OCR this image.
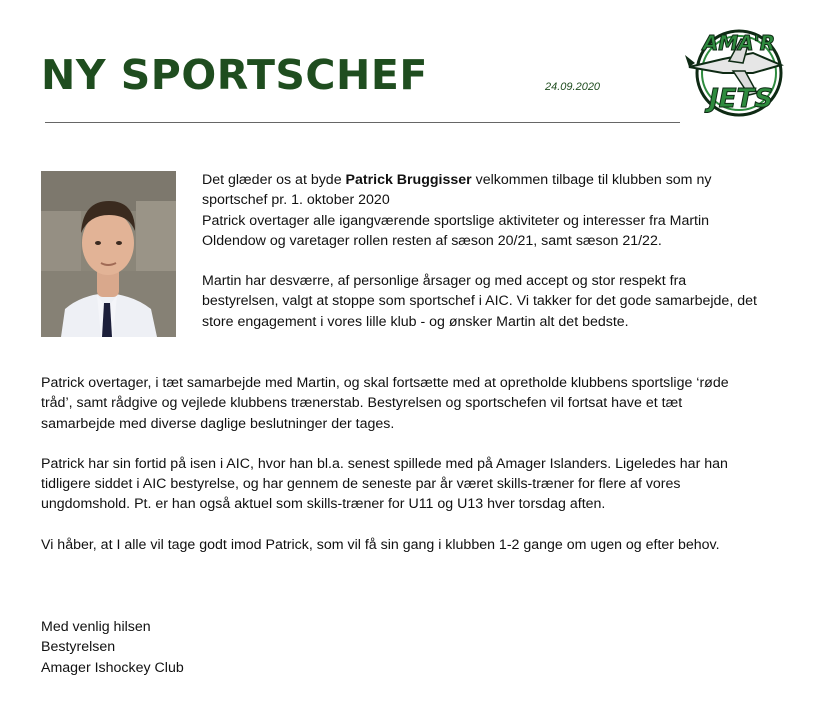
NY SPORTSCHEF	24.09.2020
AMA'R
JETS

Det glæder os at byde Patrick Bruggisser velkommen tilbage til klubben som ny
sportschef pr. 1. oktober 2020
Patrick overtager alle igangværende sportslige aktiviteter og interesser fra Martin
Oldendow og varetager rollen resten af sæson 20/21, samt sæson 21/22.

Martin har desværre, af personlige årsager og med accept og stor respekt fra
bestyrelsen, valgt at stoppe som sportschef i AIC. Vi takker for det gode samarbejde, det
store engagement i vores lille klub - og ønsker Martin alt det bedste.

Patrick overtager, i tæt samarbejde med Martin, og skal fortsætte med at opretholde klubbens sportslige ‘røde
tråd’, samt rådgive og vejlede klubbens trænerstab. Bestyrelsen og sportschefen vil fortsat have et tæt
samarbejde med diverse daglige beslutninger der tages.

Patrick har sin fortid på isen i AIC, hvor han bl.a. senest spillede med på Amager Islanders. Ligeledes har han
tidligere siddet i AIC bestyrelse, og har gennem de seneste par år været skills-træner for flere af vores
ungdomshold. Pt. er han også aktuel som skills-træner for U11 og U13 hver torsdag aften.

Vi håber, at I alle vil tage godt imod Patrick, som vil få sin gang i klubben 1-2 gange om ugen og efter behov.

Med venlig hilsen
Bestyrelsen
Amager Ishockey Club
